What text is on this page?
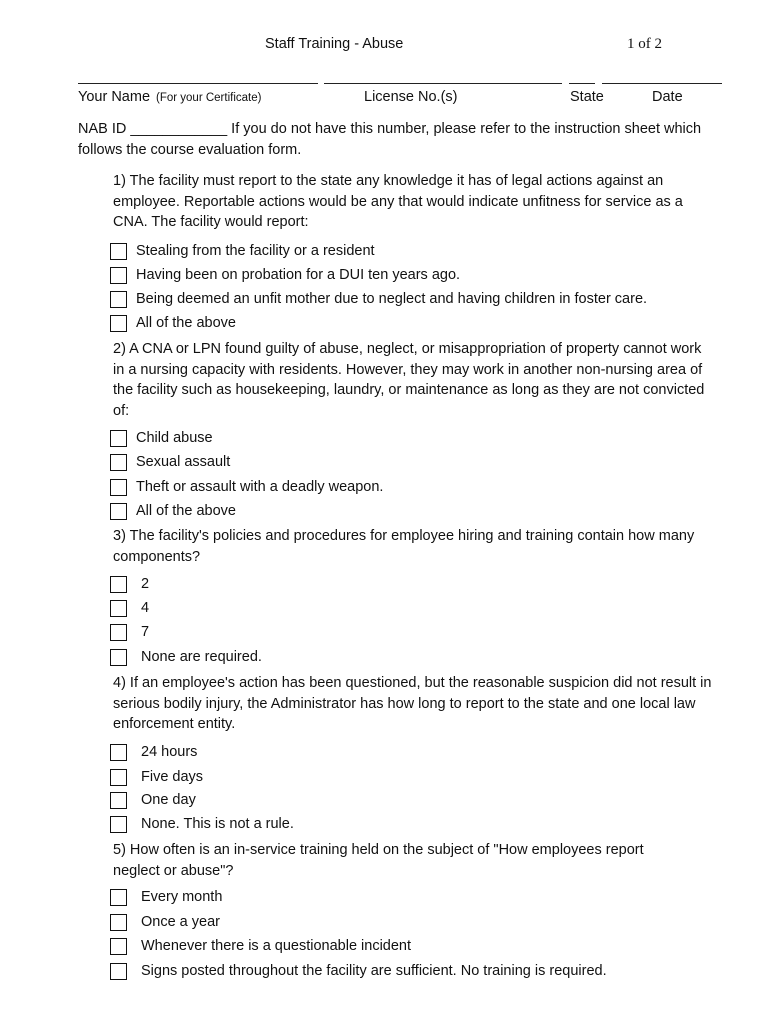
Staff Training - Abuse	1 of 2
Your Name (For your Certificate)	License No.(s)	State	Date
NAB ID ____________ If you do not have this number, please refer to the instruction sheet which follows the course evaluation form.
1) The facility must report to the state any knowledge it has of legal actions against an employee. Reportable actions would be any that would indicate unfitness for service as a CNA. The facility would report:
Stealing from the facility or a resident
Having been on probation for a DUI ten years ago.
Being deemed an unfit mother due to neglect and having children in foster care.
All of the above
2) A CNA or LPN found guilty of abuse, neglect, or misappropriation of property cannot work in a nursing capacity with residents. However, they may work in another non-nursing area of the facility such as housekeeping, laundry, or maintenance as long as they are not convicted of:
Child abuse
Sexual assault
Theft or assault with a deadly weapon.
All of the above
3) The facility's policies and procedures for employee hiring and training contain how many components?
2
4
7
None are required.
4) If an employee's action has been questioned, but the reasonable suspicion did not result in serious bodily injury, the Administrator has how long to report to the state and one local law enforcement entity.
24 hours
Five days
One day
None. This is not a rule.
5) How often is an in-service training held on the subject of "How employees report neglect or abuse"?
Every month
Once a year
Whenever there is a questionable incident
Signs posted throughout the facility are sufficient. No training is required.
